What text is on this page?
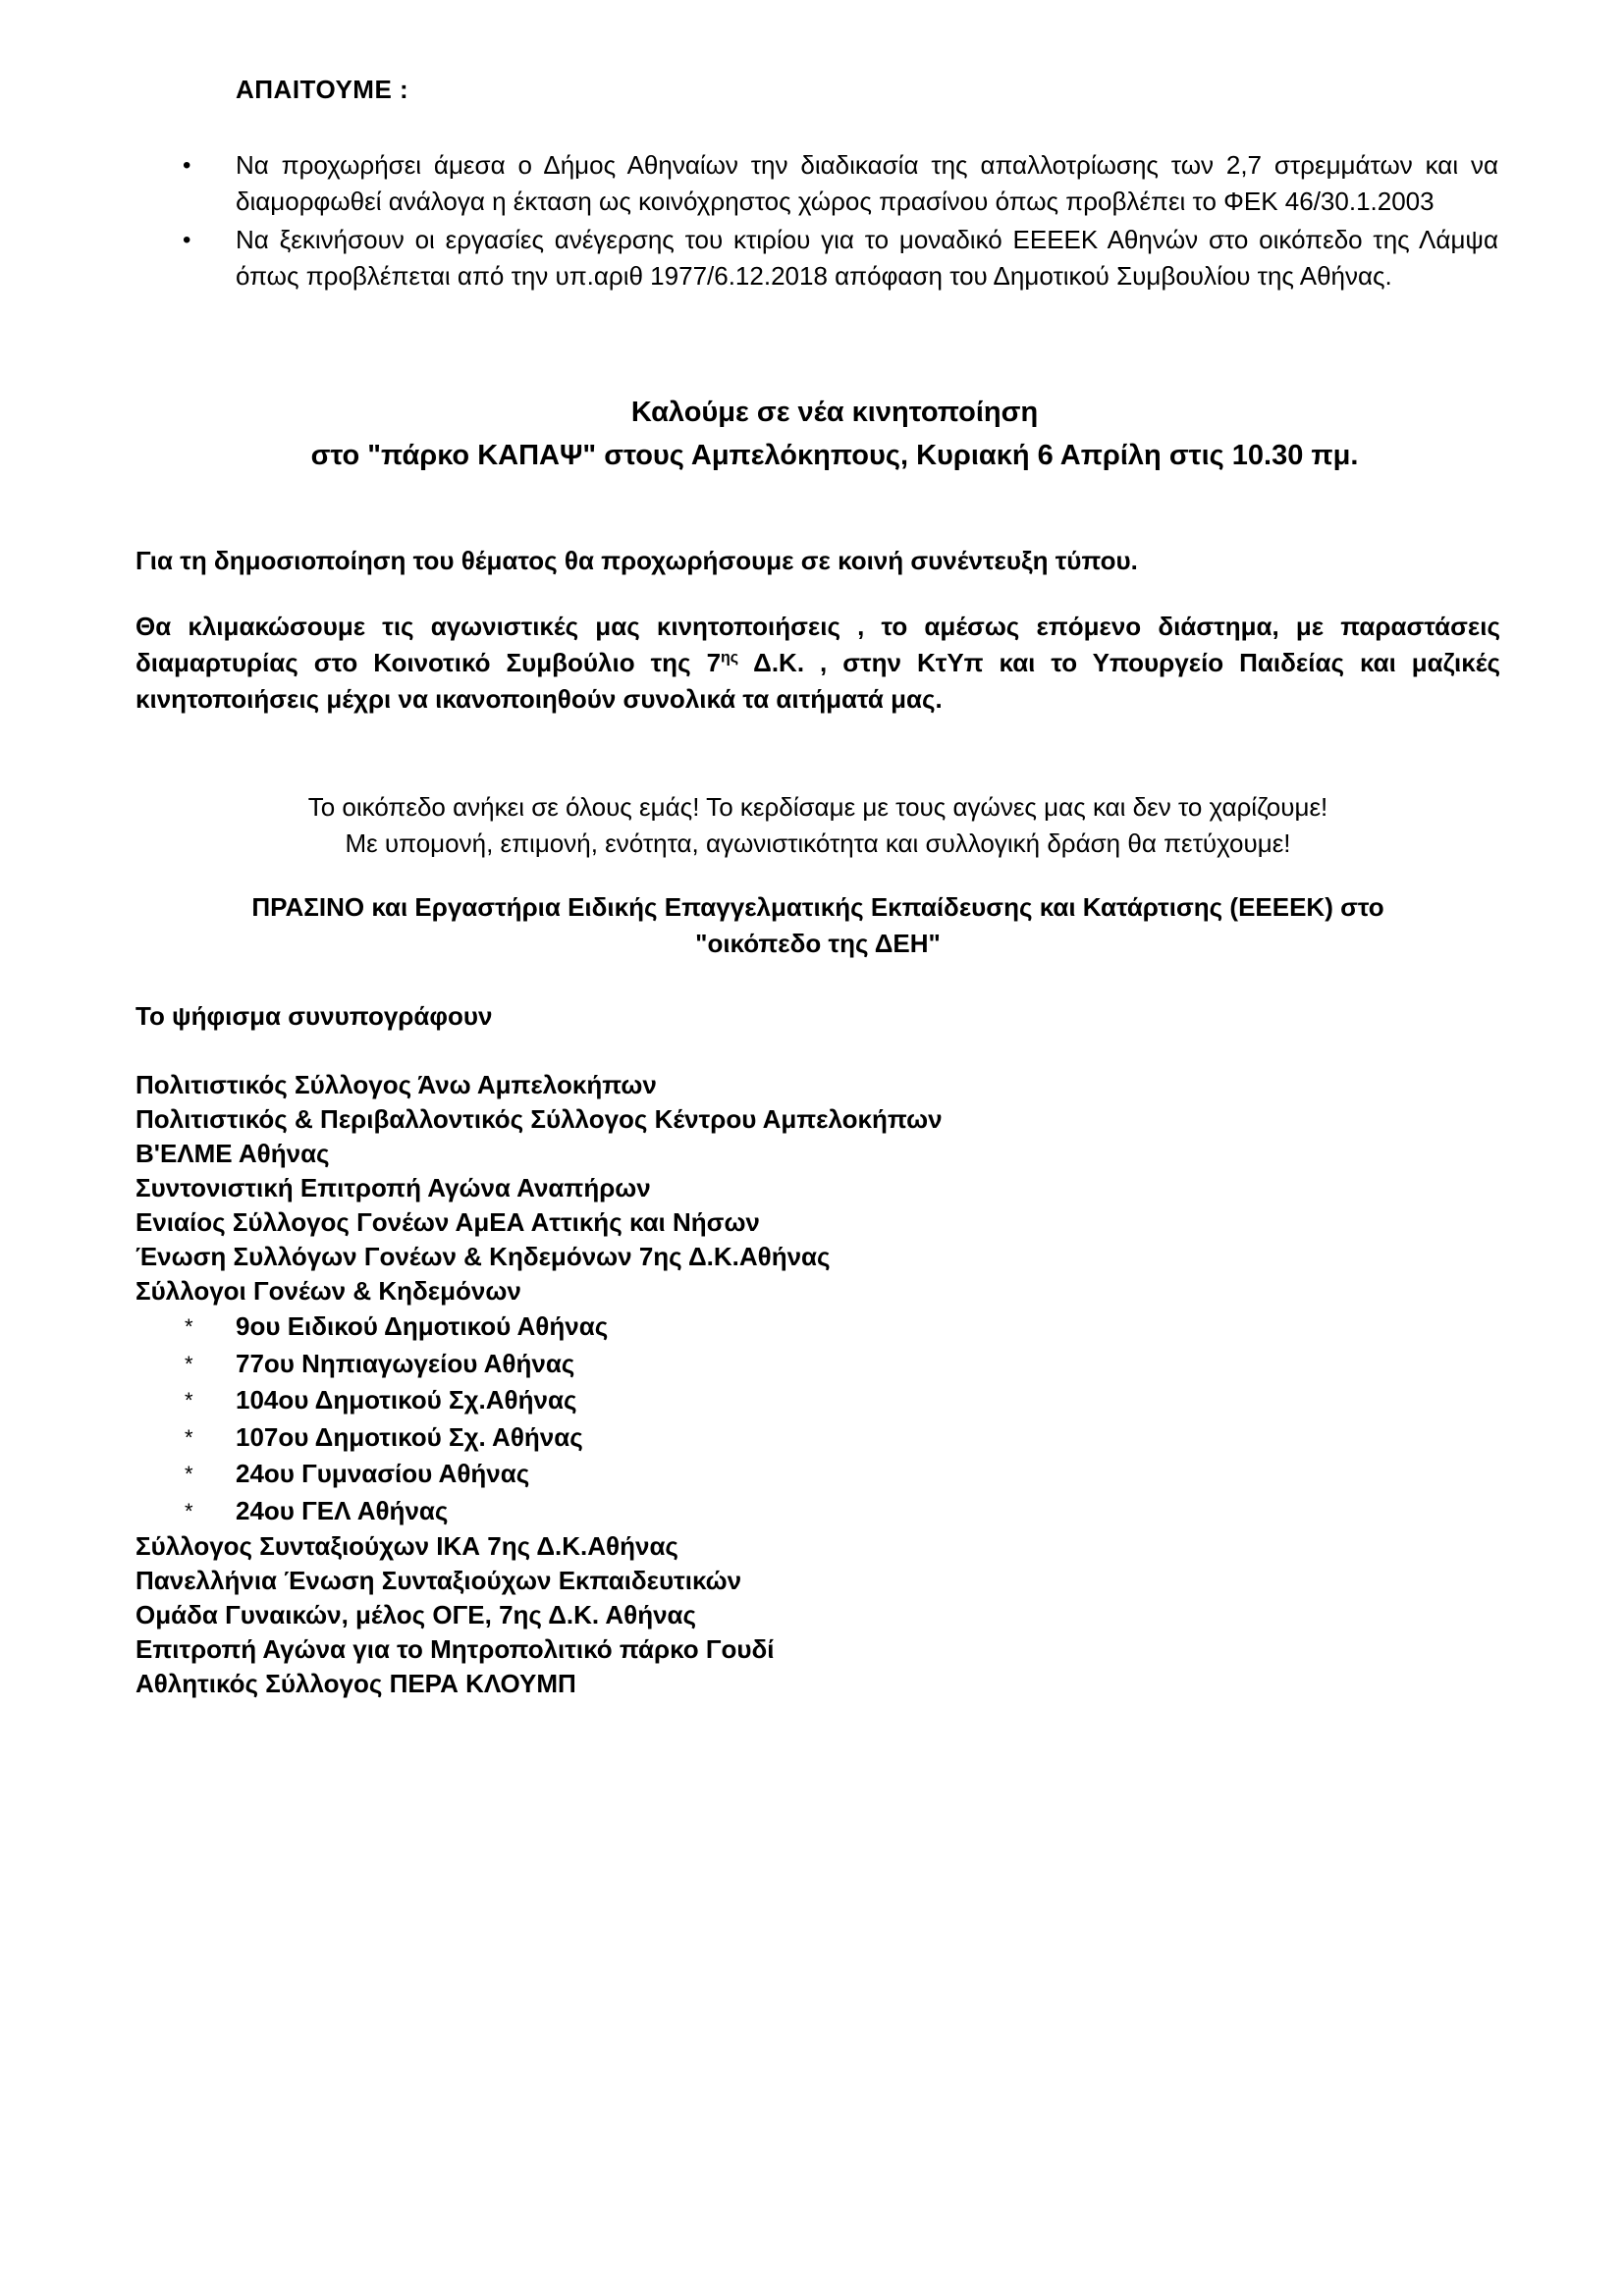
ΑΠΑΙΤΟΥΜΕ :
• Να προχωρήσει άμεσα ο Δήμος Αθηναίων την διαδικασία της απαλλοτρίωσης των 2,7 στρεμμάτων και να διαμορφωθεί ανάλογα η έκταση ως κοινόχρηστος χώρος πρασίνου όπως προβλέπει το ΦΕΚ 46/30.1.2003
• Να ξεκινήσουν οι εργασίες ανέγερσης του κτιρίου για το μοναδικό ΕΕΕΕΚ Αθηνών στο οικόπεδο της Λάμψα όπως προβλέπεται από την υπ.αριθ 1977/6.12.2018 απόφαση του Δημοτικού Συμβουλίου της Αθήνας.
Καλούμε σε νέα κινητοποίηση
στο "πάρκο ΚΑΠΑΨ" στους Αμπελόκηπους, Κυριακή 6 Απρίλη στις 10.30 πμ.
Για τη δημοσιοποίηση του θέματος θα προχωρήσουμε σε κοινή συνέντευξη τύπου.
Θα κλιμακώσουμε τις αγωνιστικές μας κινητοποιήσεις , το αμέσως επόμενο διάστημα, με παραστάσεις διαμαρτυρίας στο Κοινοτικό Συμβούλιο της $7^{\eta\varsigma}$ Δ.Κ. , στην ΚτΥπ και το Υπουργείο Παιδείας και μαζικές κινητοποιήσεις μέχρι να ικανοποιηθούν συνολικά τα αιτήματά μας.
Το οικόπεδο ανήκει σε όλους εμάς! Το κερδίσαμε με τους αγώνες μας και δεν το χαρίζουμε!
Με υπομονή, επιμονή, ενότητα, αγωνιστικότητα και συλλογική δράση θα πετύχουμε!
ΠΡΑΣΙΝΟ και Εργαστήρια Ειδικής Επαγγελματικής Εκπαίδευσης και Κατάρτισης (ΕΕΕΕΚ) στο
"οικόπεδο της ΔΕΗ"
Το ψήφισμα συνυπογράφουν
Πολιτιστικός Σύλλογος Άνω Αμπελοκήπων
Πολιτιστικός & Περιβαλλοντικός Σύλλογος Κέντρου Αμπελοκήπων
Β'ΕΛΜΕ Αθήνας
Συντονιστική Επιτροπή Αγώνα Αναπήρων
Ενιαίος Σύλλογος Γονέων ΑμΕΑ Αττικής και Νήσων
Ένωση Συλλόγων Γονέων & Κηδεμόνων 7ης Δ.Κ.Αθήνας
Σύλλογοι Γονέων & Κηδεμόνων
* 9ου Ειδικού Δημοτικού Αθήνας
* 77ου Νηπιαγωγείου Αθήνας
* 104ου Δημοτικού Σχ.Αθήνας
* 107ου Δημοτικού Σχ. Αθήνας
* 24ου Γυμνασίου Αθήνας
* 24ου ΓΕΛ Αθήνας
Σύλλογος Συνταξιούχων ΙΚΑ 7ης Δ.Κ.Αθήνας
Πανελλήνια Ένωση Συνταξιούχων Εκπαιδευτικών
Ομάδα Γυναικών, μέλος ΟΓΕ, 7ης Δ.Κ. Αθήνας
Επιτροπή Αγώνα για το Μητροπολιτικό πάρκο Γουδί
Αθλητικός Σύλλογος ΠΕΡΑ ΚΛΟΥΜΠ
